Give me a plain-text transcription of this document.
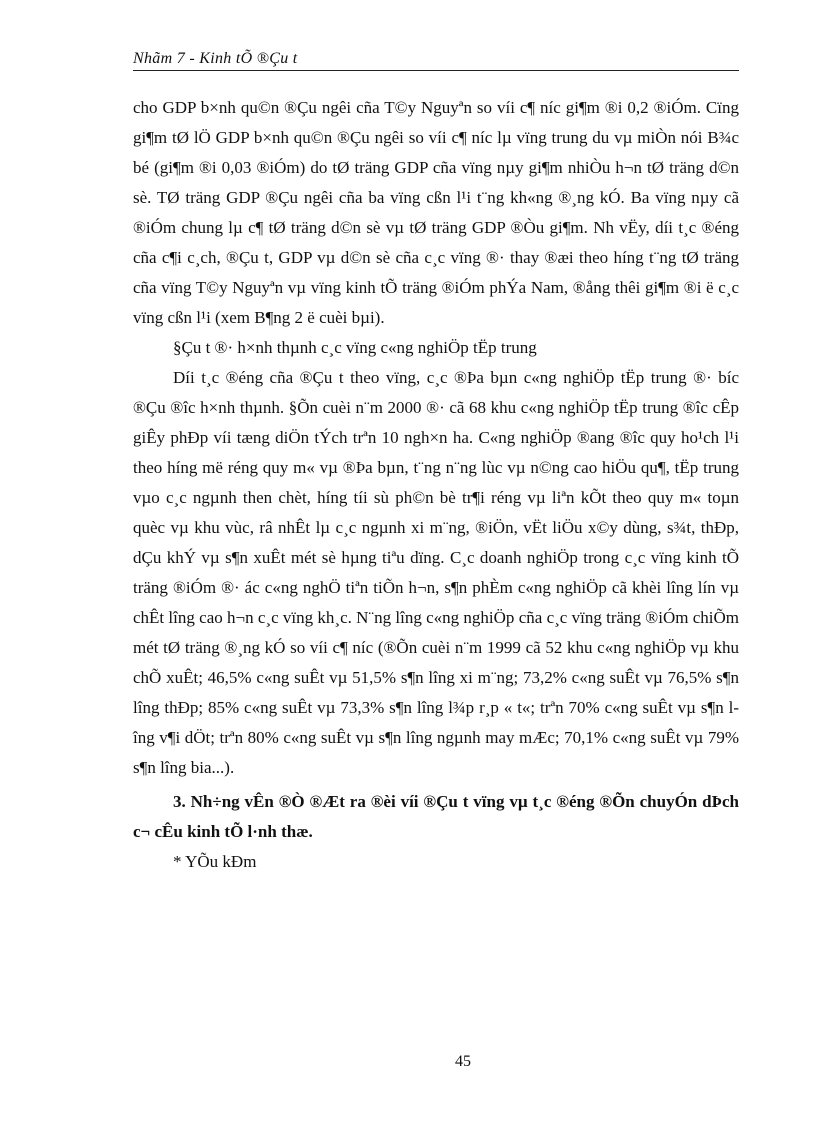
Nhãm 7 - Kinh tÕ ®Çu t

cho GDP b×nh qu©n ®Çu ngêi cña T©y Nguyªn so víi c¶ níc gi¶m ®i 0,2 ®iÓm. Cïng gi¶m tØ lÖ GDP b×nh qu©n ®Çu ngêi so víi c¶ níc lµ vïng trung du vµ miÒn nói B¾c bé (gi¶m ®i 0,03 ®iÓm) do tØ träng GDP cña vïng nµy gi¶m nhiÒu h¬n tØ träng d©n sè. TØ träng GDP ®Çu ngêi cña ba vïng cßn l¹i t¨ng kh«ng ®¸ng kÓ. Ba vïng nµy cã ®iÓm chung lµ c¶ tØ träng d©n sè vµ tØ träng GDP ®Òu gi¶m. Nh vËy, díi t¸c ®éng cña c¶i c¸ch, ®Çu t, GDP vµ d©n sè cña c¸c vïng ®· thay ®æi theo híng t¨ng tØ träng cña vïng T©y Nguyªn vµ vïng kinh tÕ träng ®iÓm phÝa Nam, ®ång thêi gi¶m ®i ë c¸c vïng cßn l¹i (xem B¶ng 2 ë cuèi bµi).

§Çu t ®· h×nh thµnh c¸c vïng c«ng nghiÖp tËp trung

Díi t¸c ®éng cña ®Çu t theo vïng, c¸c ®Þa bµn c«ng nghiÖp tËp trung ®· bíc ®Çu ®îc h×nh thµnh. §Õn cuèi n¨m 2000 ®· cã 68 khu c«ng nghiÖp tËp trung ®îc cÊp giÊy phÐp víi tæng diÖn tÝch trªn 10 ngh×n ha. C«ng nghiÖp ®ang ®îc quy ho¹ch l¹i theo híng më réng quy m« vµ ®Þa bµn, t¨ng n¨ng lùc vµ n©ng cao hiÖu qu¶, tËp trung vµo c¸c ngµnh then chèt, híng tíi sù ph©n bè tr¶i réng vµ liªn kÕt theo quy m« toµn quèc vµ khu vùc, râ nhÊt lµ c¸c ngµnh xi m¨ng, ®iÖn, vËt liÖu x©y dùng, s¾t, thÐp, dÇu khÝ vµ s¶n xuÊt mét sè hµng tiªu dïng. C¸c doanh nghiÖp trong c¸c vïng kinh tÕ träng ®iÓm ®· ác c«ng nghÖ tiªn tiÕn h¬n, s¶n phÈm c«ng nghiÖp cã khèi lîng lín vµ chÊt lîng cao h¬n c¸c vïng kh¸c. N¨ng lîng c«ng nghiÖp cña c¸c vïng träng ®iÓm chiÕm mét tØ träng ®¸ng kÓ so víi c¶ níc (®Õn cuèi n¨m 1999 cã 52 khu c«ng nghiÖp vµ khu chÕ xuÊt; 46,5% c«ng suÊt vµ 51,5% s¶n lîng xi m¨ng; 73,2% c«ng suÊt vµ 76,5% s¶n lîng thÐp; 85% c«ng suÊt vµ 73,3% s¶n lîng l¾p r¸p « t«; trªn 70% c«ng suÊt vµ s¶n lîng v¶i dÖt; trªn 80% c«ng suÊt vµ s¶n lîng ngµnh may mÆc; 70,1% c«ng suÊt vµ 79% s¶n lîng bia...).

3. Nh÷ng vÊn ®Ò ®Æt ra ®èi víi ®Çu t vïng vµ t¸c ®éng ®Õn chuyÓn dÞch c¬ cÊu kinh tÕ l·nh thæ.

* YÕu kÐm

45
